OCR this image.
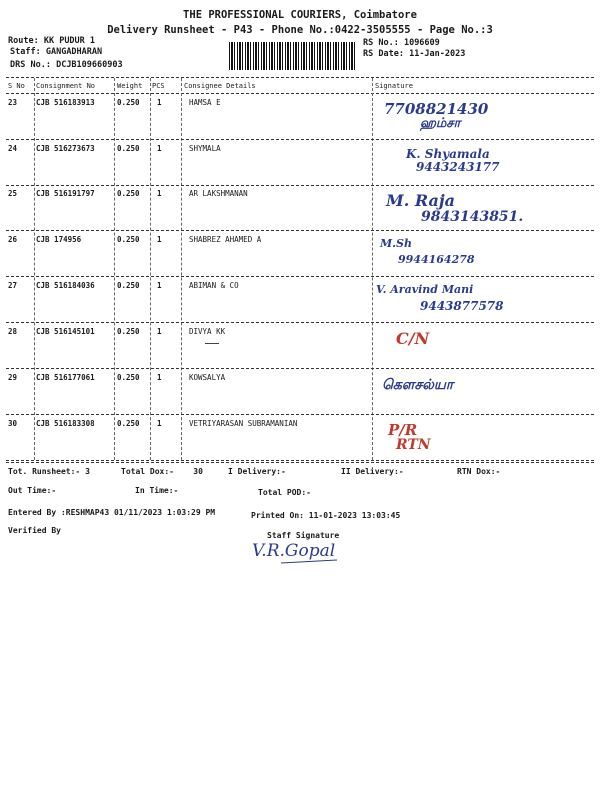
THE PROFESSIONAL COURIERS, Coimbatore
Delivery Runsheet - P43 - Phone No.:0422-3505555 - Page No.:3
Route: KK PUDUR 1
Staff: GANGADHARAN
DRS No.: DCJB109660903
RS No.: 1096609
RS Date: 11-Jan-2023
S No Consignment No	Weight PCS	Consignee Details	Signature
23	CJB 516183913	0.250 1	HAMSA E	7708821430
ஹம்சா
24	CJB 516273673	0.250 1	SHYMALA	K. Shyamala
9443243177
25	CJB 516191797	0.250 1	AR LAKSHMANAN	M. Raja
9843143851.
26	CJB 174956	0.250 1	SHABREZ AHAMED A	M.Sh
9944164278
27	CJB 516184036	0.250 1	ABIMAN & CO	V. Aravind Mani
9443877578
28	CJB 516145101	0.250 1	DIVYA KK	C/N
29	CJB 516177061	0.250 1	KOWSALYA	கௌசல்யா
30	CJB 516183308	0.250 1	VETRIYARASAN SUBRAMANIAN	P/R
RTN
Tot. Runsheet:- 3	Total Dox:-    30	I Delivery:-	II Delivery:-	RTN Dox:-
Out Time:-	In Time:-	Total POD:-
Entered By :RESHMAP43 01/11/2023 1:03:29 PM	Printed On: 11-01-2023 13:03:45
Verified By
Staff Signature
V.R.Gopal
